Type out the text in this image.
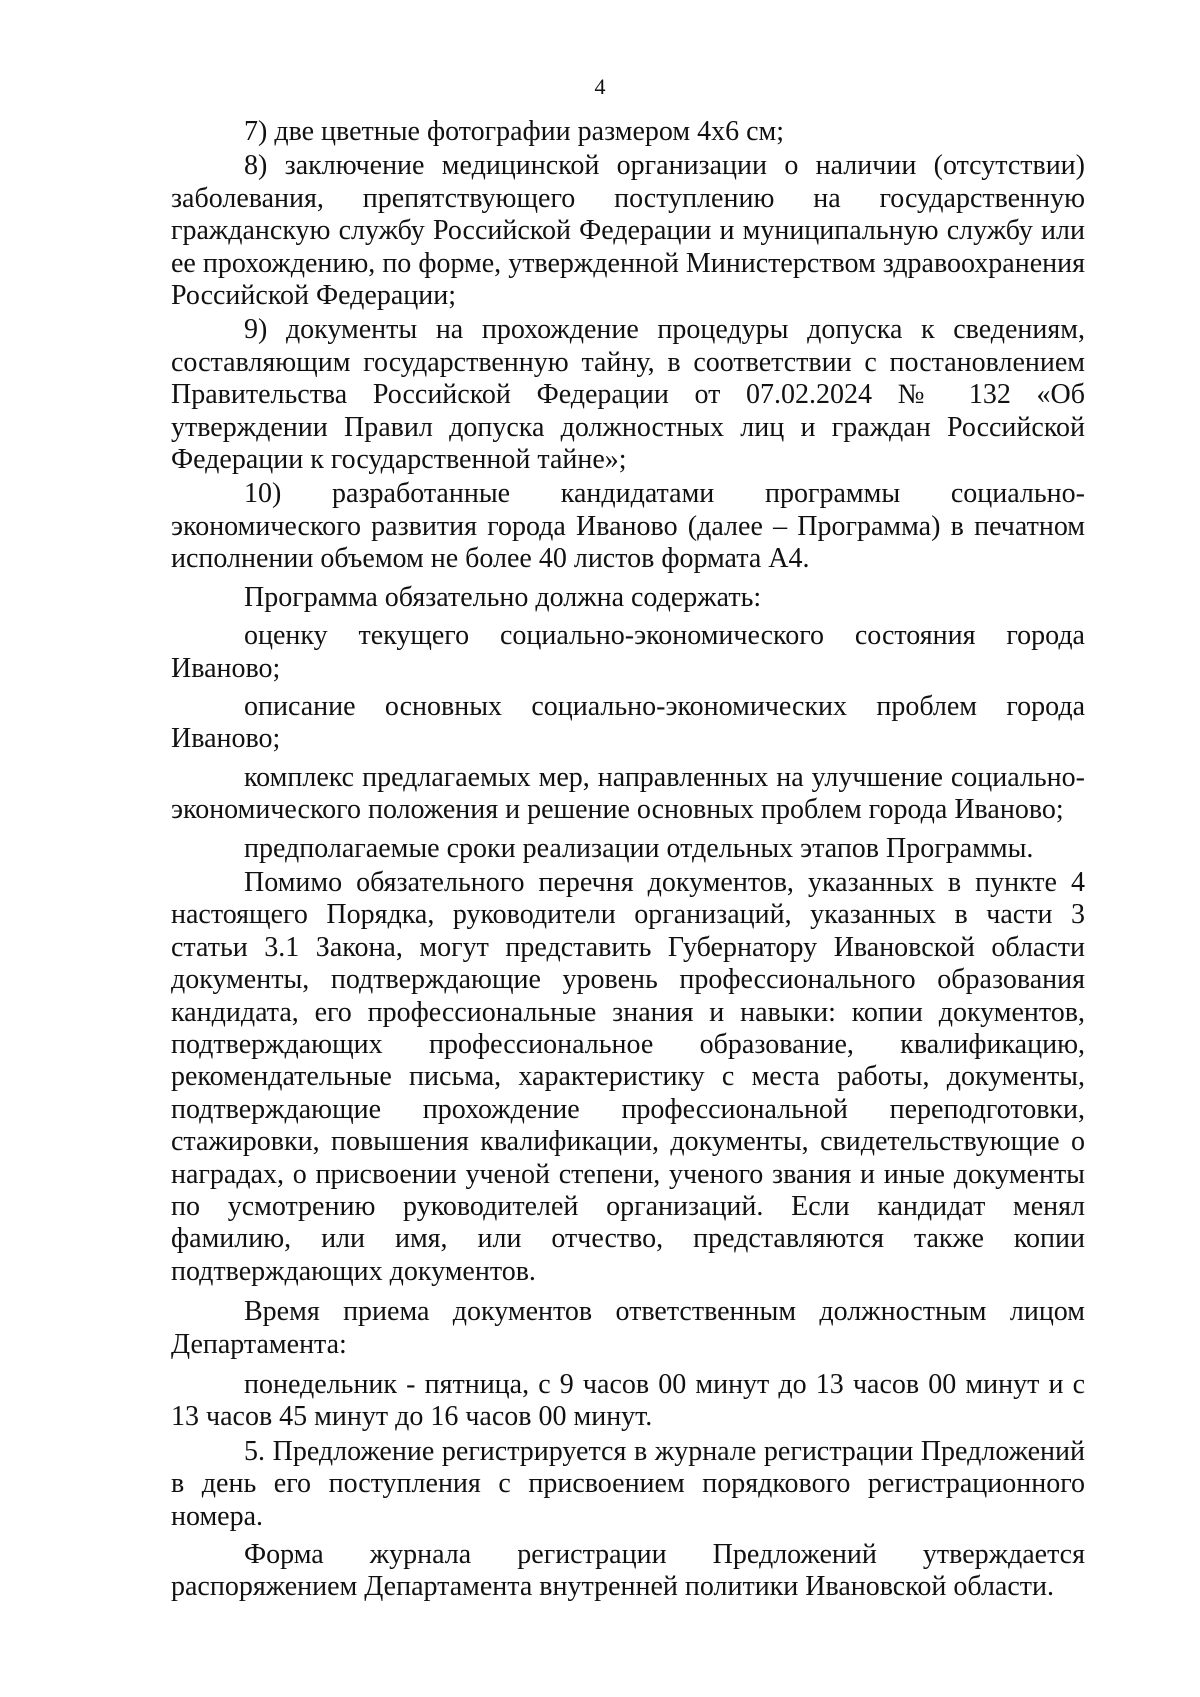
4

7) две цветные фотографии размером 4х6 см;

8) заключение медицинской организации о наличии (отсутствии) заболевания, препятствующего поступлению на государственную гражданскую службу Российской Федерации и муниципальную службу или ее прохождению, по форме, утвержденной Министерством здравоохранения Российской Федерации;

9) документы на прохождение процедуры допуска к сведениям, составляющим государственную тайну, в соответствии с постановлением Правительства Российской Федерации от 07.02.2024 № 132 «Об утверждении Правил допуска должностных лиц и граждан Российской Федерации к государственной тайне»;

10) разработанные кандидатами программы социально-экономического развития города Иваново (далее – Программа) в печатном исполнении объемом не более 40 листов формата А4.

Программа обязательно должна содержать:

оценку текущего социально-экономического состояния города Иваново;

описание основных социально-экономических проблем города Иваново;

комплекс предлагаемых мер, направленных на улучшение социально-экономического положения и решение основных проблем города Иваново;

предполагаемые сроки реализации отдельных этапов Программы.

Помимо обязательного перечня документов, указанных в пункте 4 настоящего Порядка, руководители организаций, указанных в части 3 статьи 3.1 Закона, могут представить Губернатору Ивановской области документы, подтверждающие уровень профессионального образования кандидата, его профессиональные знания и навыки: копии документов, подтверждающих профессиональное образование, квалификацию, рекомендательные письма, характеристику с места работы, документы, подтверждающие прохождение профессиональной переподготовки, стажировки, повышения квалификации, документы, свидетельствующие о наградах, о присвоении ученой степени, ученого звания и иные документы по усмотрению руководителей организаций. Если кандидат менял фамилию, или имя, или отчество, представляются также копии подтверждающих документов.

Время приема документов ответственным должностным лицом Департамента:

понедельник - пятница, с 9 часов 00 минут до 13 часов 00 минут и с 13 часов 45 минут до 16 часов 00 минут.

5. Предложение регистрируется в журнале регистрации Предложений в день его поступления с присвоением порядкового регистрационного номера.

Форма журнала регистрации Предложений утверждается распоряжением Департамента внутренней политики Ивановской области.
